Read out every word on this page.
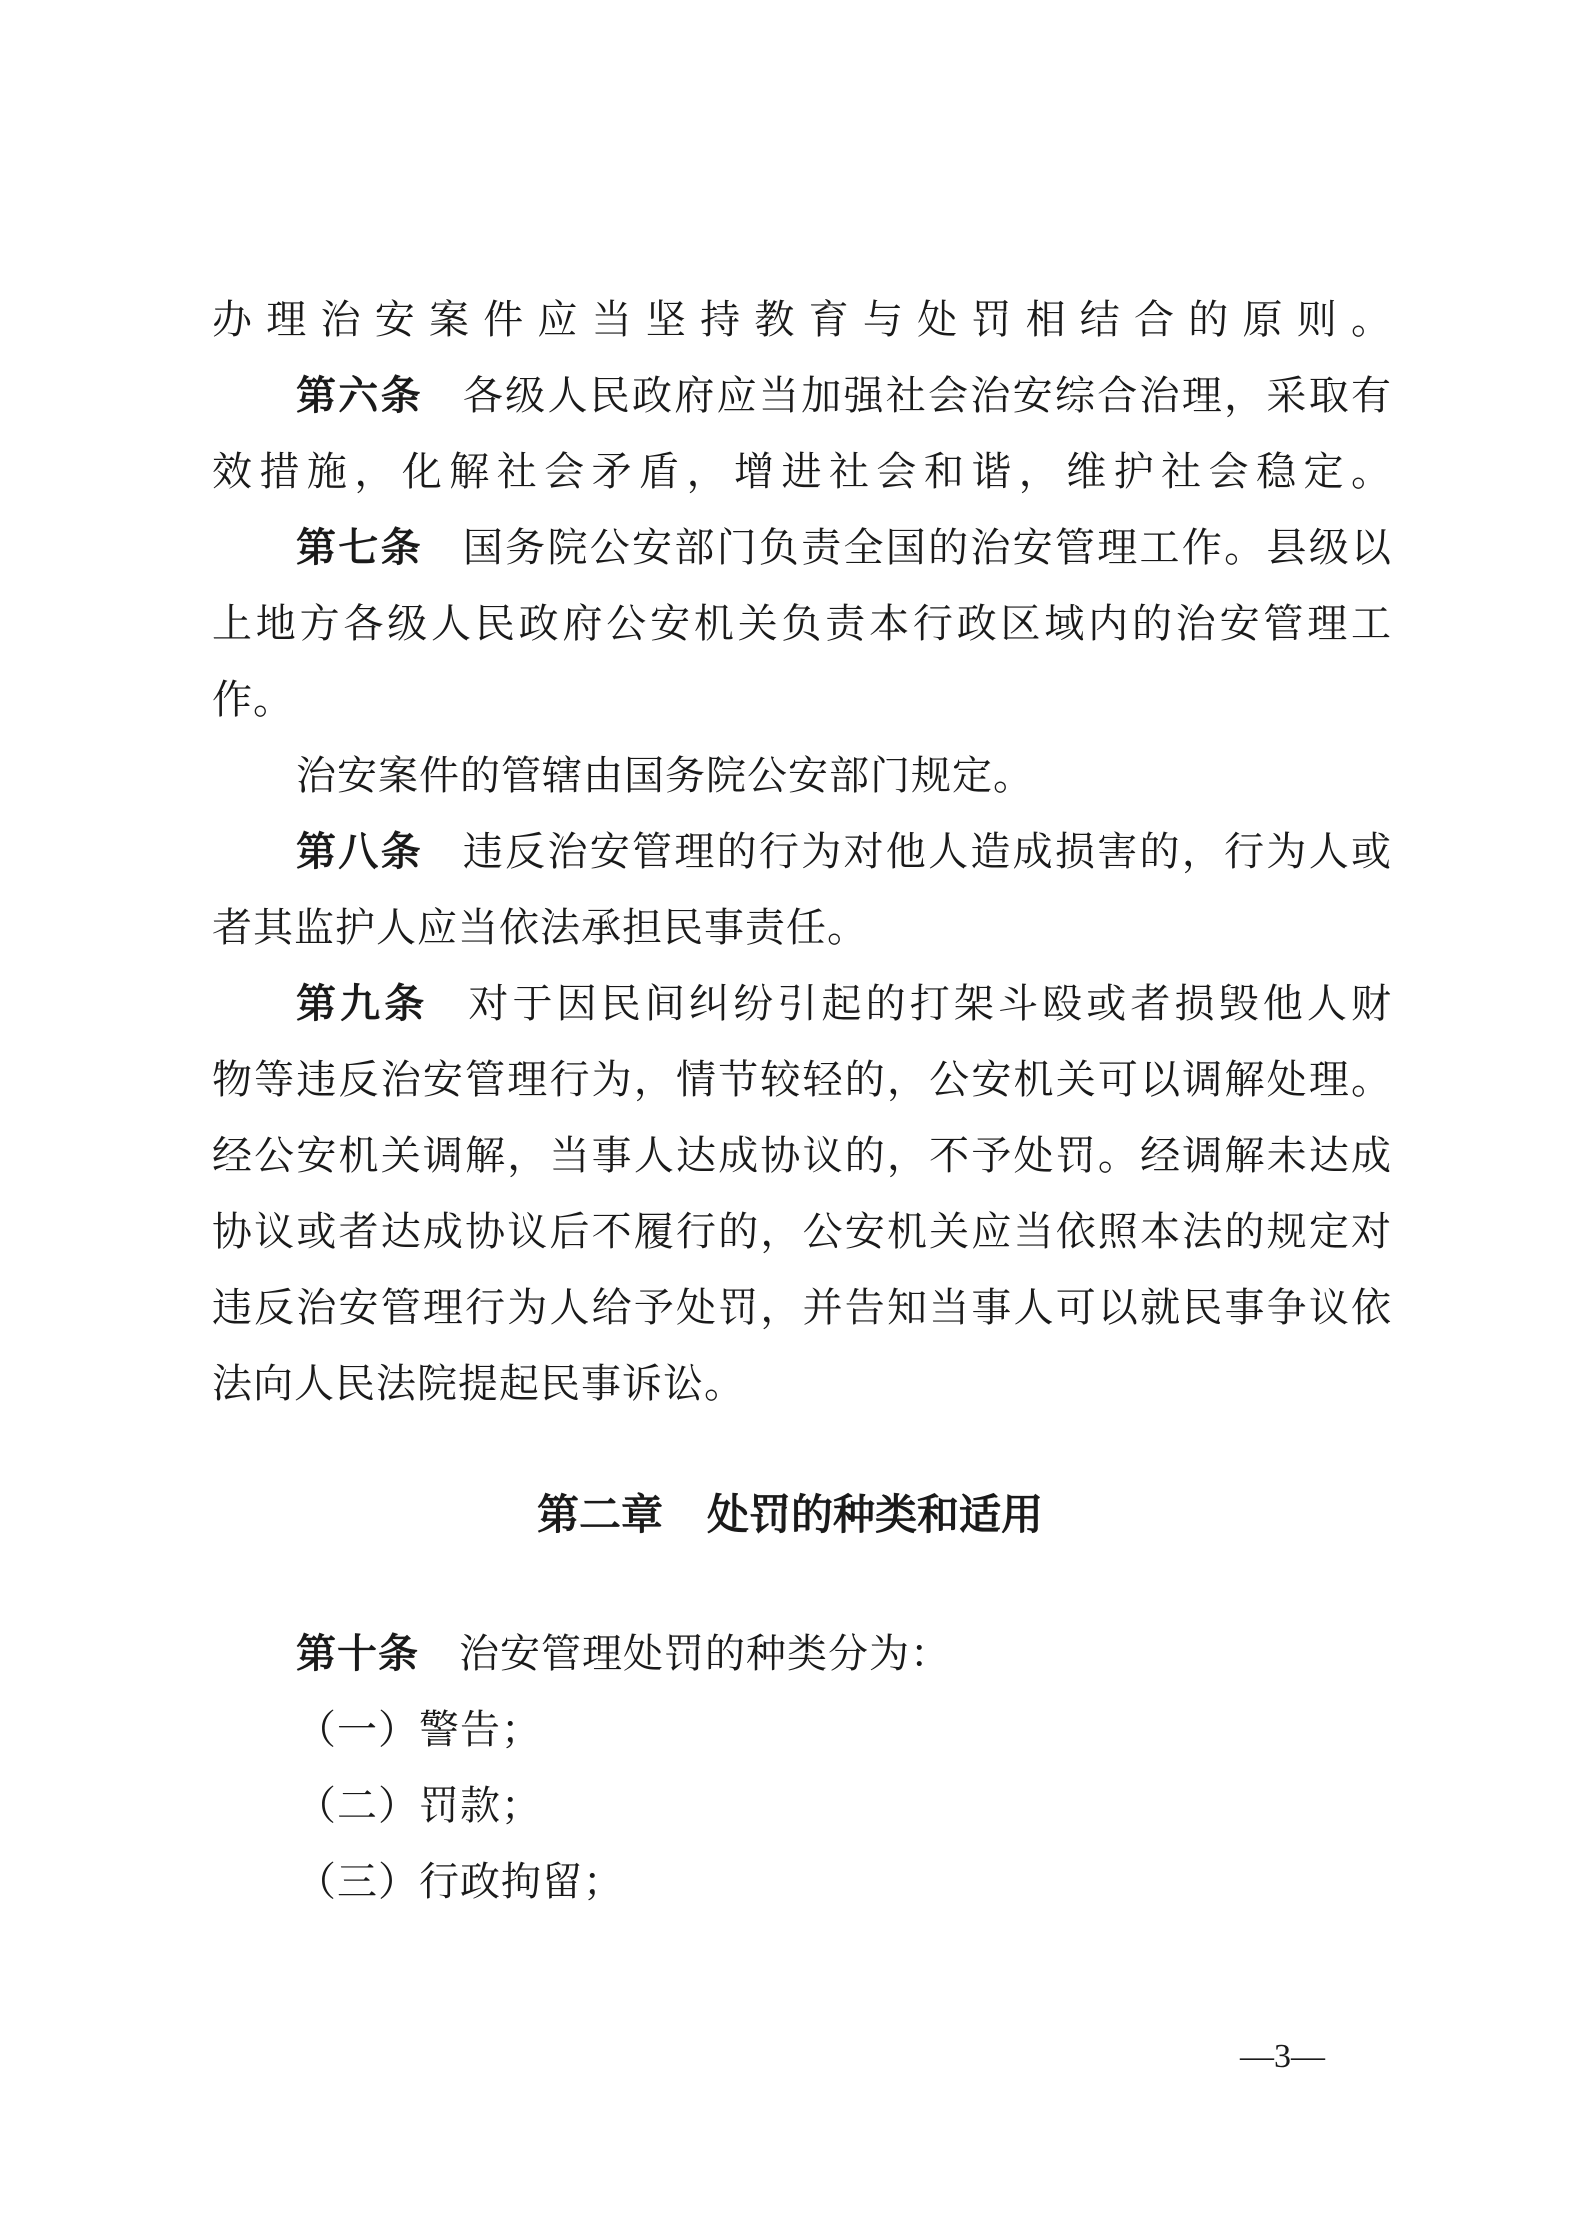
办理治安案件应当坚持教育与处罚相结合的原则。
第六条 各级人民政府应当加强社会治安综合治理，采取有
效措施，化解社会矛盾，增进社会和谐，维护社会稳定。
第七条 国务院公安部门负责全国的治安管理工作。县级以
上地方各级人民政府公安机关负责本行政区域内的治安管理工
作。
治安案件的管辖由国务院公安部门规定。
第八条 违反治安管理的行为对他人造成损害的，行为人或
者其监护人应当依法承担民事责任。
第九条 对于因民间纠纷引起的打架斗殴或者损毁他人财
物等违反治安管理行为，情节较轻的，公安机关可以调解处理。
经公安机关调解，当事人达成协议的，不予处罚。经调解未达成
协议或者达成协议后不履行的，公安机关应当依照本法的规定对
违反治安管理行为人给予处罚，并告知当事人可以就民事争议依
法向人民法院提起民事诉讼。
第二章 处罚的种类和适用
第十条 治安管理处罚的种类分为：
（一）警告；
（二）罚款；
（三）行政拘留；
—3—
